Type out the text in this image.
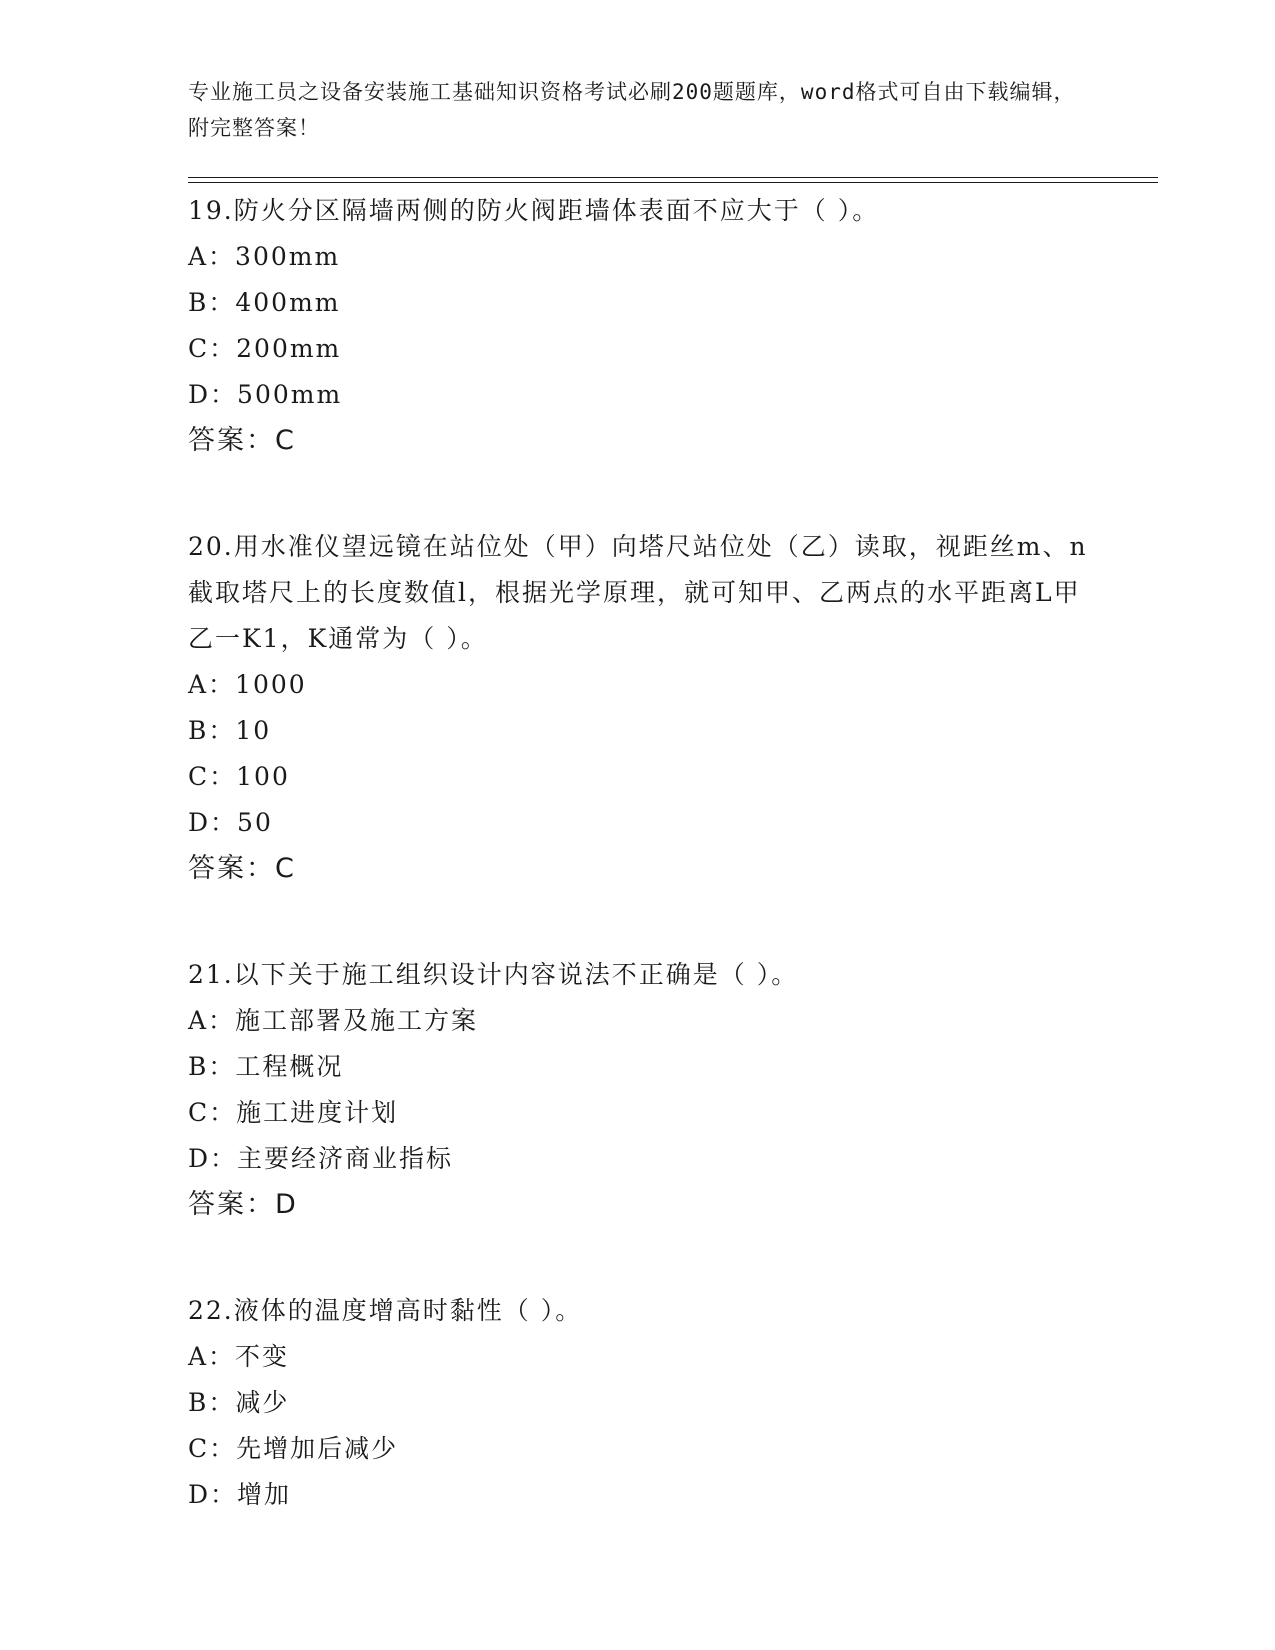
专业施工员之设备安装施工基础知识资格考试必刷200题题库，word格式可自由下载编辑，附完整答案！
19.防火分区隔墙两侧的防火阀距墙体表面不应大于（ ）。
A：300mm
B：400mm
C：200mm
D：500mm
答案：C
20.用水准仪望远镜在站位处（甲）向塔尺站位处（乙）读取，视距丝m、n截取塔尺上的长度数值l，根据光学原理，就可知甲、乙两点的水平距离L甲乙一K1，K通常为（ ）。
A：1000
B：10
C：100
D：50
答案：C
21.以下关于施工组织设计内容说法不正确是（ ）。
A：施工部署及施工方案
B：工程概况
C：施工进度计划
D：主要经济商业指标
答案：D
22.液体的温度增高时黏性（ ）。
A：不变
B：减少
C：先增加后减少
D：增加
